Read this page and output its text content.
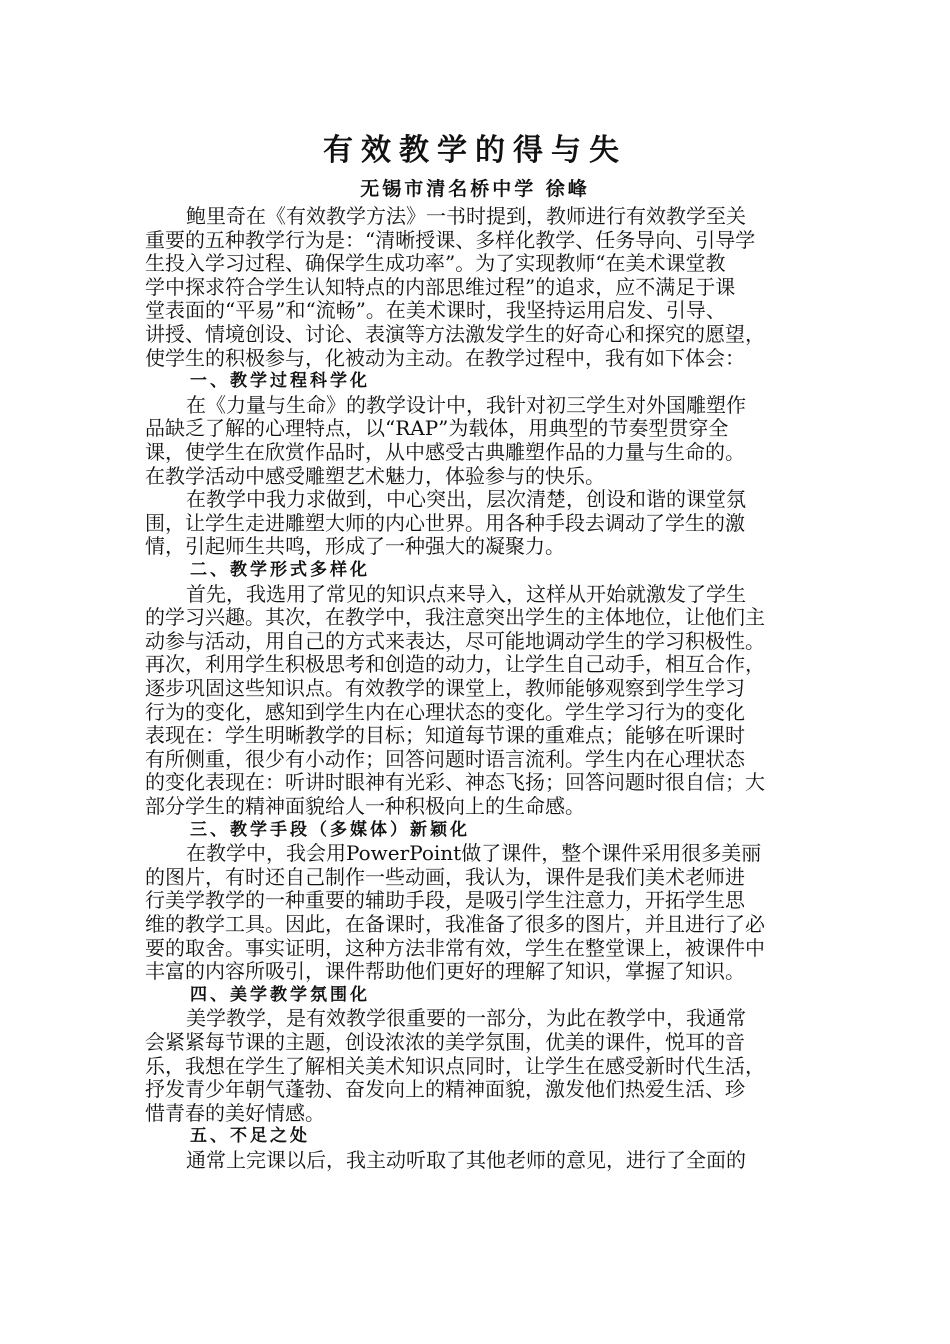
有效教学的得与失
无锡市清名桥中学 徐峰
鲍里奇在《有效教学方法》一书时提到，教师进行有效教学至关
重要的五种教学行为是：“清晰授课、多样化教学、任务导向、引导学
生投入学习过程、确保学生成功率”。为了实现教师“在美术课堂教
学中探求符合学生认知特点的内部思维过程”的追求，应不满足于课
堂表面的“平易”和“流畅”。在美术课时，我坚持运用启发、引导、
讲授、情境创设、讨论、表演等方法激发学生的好奇心和探究的愿望，
使学生的积极参与，化被动为主动。在教学过程中，我有如下体会：
一、教学过程科学化
在《力量与生命》的教学设计中，我针对初三学生对外国雕塑作
品缺乏了解的心理特点，以“RAP”为载体，用典型的节奏型贯穿全
课，使学生在欣赏作品时，从中感受古典雕塑作品的力量与生命的。
在教学活动中感受雕塑艺术魅力，体验参与的快乐。
在教学中我力求做到，中心突出，层次清楚，创设和谐的课堂氛
围，让学生走进雕塑大师的内心世界。用各种手段去调动了学生的激
情，引起师生共鸣，形成了一种强大的凝聚力。
二、教学形式多样化
首先，我选用了常见的知识点来导入，这样从开始就激发了学生
的学习兴趣。其次，在教学中，我注意突出学生的主体地位，让他们主
动参与活动，用自己的方式来表达，尽可能地调动学生的学习积极性。
再次，利用学生积极思考和创造的动力，让学生自己动手，相互合作，
逐步巩固这些知识点。有效教学的课堂上，教师能够观察到学生学习
行为的变化，感知到学生内在心理状态的变化。学生学习行为的变化
表现在：学生明晰教学的目标；知道每节课的重难点；能够在听课时
有所侧重，很少有小动作；回答问题时语言流利。学生内在心理状态
的变化表现在：听讲时眼神有光彩、神态飞扬；回答问题时很自信；大
部分学生的精神面貌给人一种积极向上的生命感。
三、教学手段（多媒体）新颖化
在教学中，我会用PowerPoint做了课件，整个课件采用很多美丽
的图片，有时还自己制作一些动画，我认为，课件是我们美术老师进
行美学教学的一种重要的辅助手段，是吸引学生注意力，开拓学生思
维的教学工具。因此，在备课时，我准备了很多的图片，并且进行了必
要的取舍。事实证明，这种方法非常有效，学生在整堂课上，被课件中
丰富的内容所吸引，课件帮助他们更好的理解了知识，掌握了知识。
四、美学教学氛围化
美学教学，是有效教学很重要的一部分，为此在教学中，我通常
会紧紧每节课的主题，创设浓浓的美学氛围，优美的课件，悦耳的音
乐，我想在学生了解相关美术知识点同时，让学生在感受新时代生活，
抒发青少年朝气蓬勃、奋发向上的精神面貌，激发他们热爱生活、珍
惜青春的美好情感。
五、不足之处
通常上完课以后，我主动听取了其他老师的意见，进行了全面的
